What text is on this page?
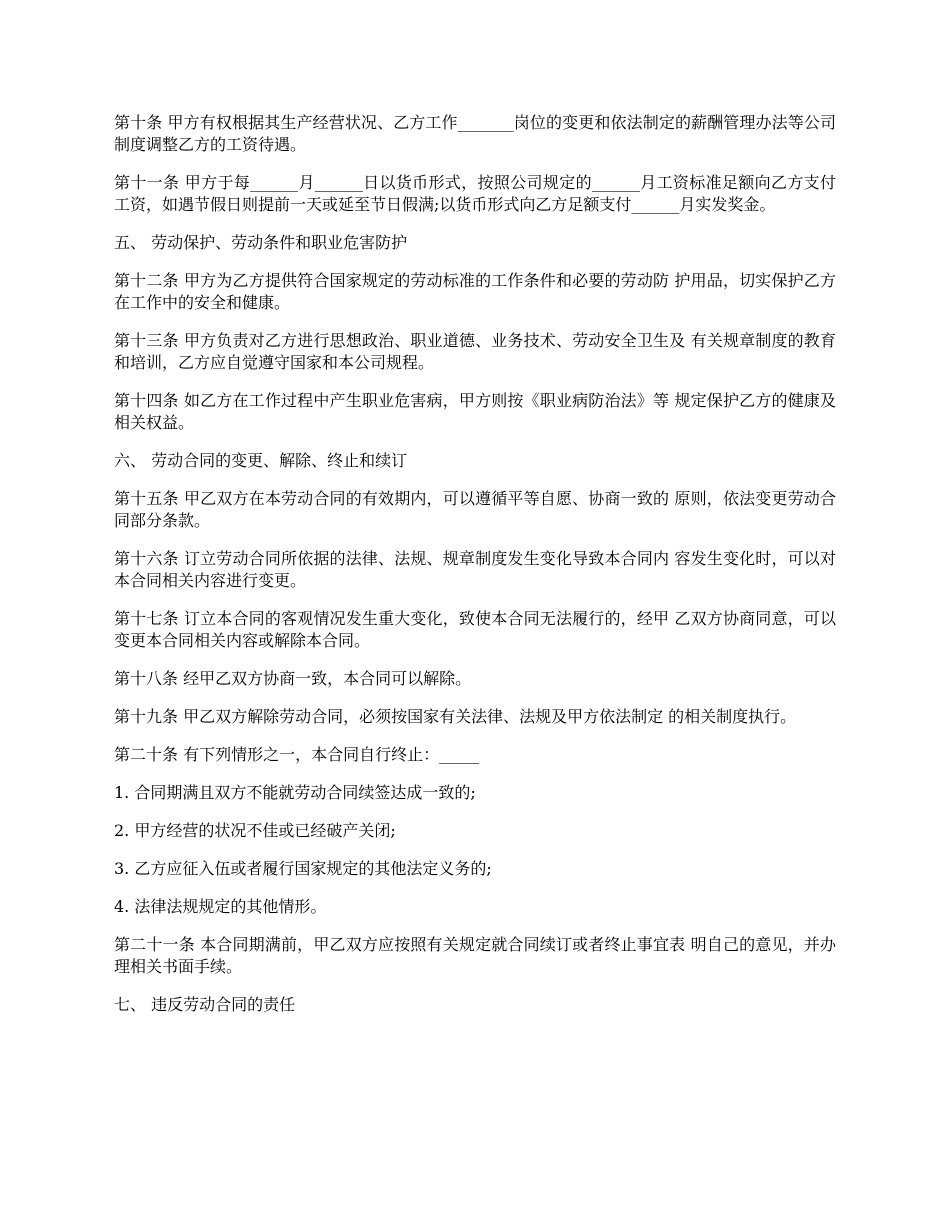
第十条 甲方有权根据其生产经营状况、乙方工作_______岗位的变更和依法制定的薪酬管理办法等公司制度调整乙方的工资待遇。

第十一条 甲方于每______月______日以货币形式，按照公司规定的______月工资标准足额向乙方支付工资，如遇节假日则提前一天或延至节日假满;以货币形式向乙方足额支付______月实发奖金。

五、 劳动保护、劳动条件和职业危害防护

第十二条 甲方为乙方提供符合国家规定的劳动标准的工作条件和必要的劳动防 护用品，切实保护乙方在工作中的安全和健康。

第十三条 甲方负责对乙方进行思想政治、职业道德、业务技术、劳动安全卫生及 有关规章制度的教育和培训，乙方应自觉遵守国家和本公司规程。

第十四条 如乙方在工作过程中产生职业危害病，甲方则按《职业病防治法》等 规定保护乙方的健康及相关权益。

六、 劳动合同的变更、解除、终止和续订

第十五条 甲乙双方在本劳动合同的有效期内，可以遵循平等自愿、协商一致的 原则，依法变更劳动合同部分条款。

第十六条 订立劳动合同所依据的法律、法规、规章制度发生变化导致本合同内 容发生变化时，可以对本合同相关内容进行变更。

第十七条 订立本合同的客观情况发生重大变化，致使本合同无法履行的，经甲 乙双方协商同意，可以变更本合同相关内容或解除本合同。

第十八条 经甲乙双方协商一致，本合同可以解除。

第十九条 甲乙双方解除劳动合同，必须按国家有关法律、法规及甲方依法制定 的相关制度执行。

第二十条 有下列情形之一，本合同自行终止：_____

1. 合同期满且双方不能就劳动合同续签达成一致的;

2. 甲方经营的状况不佳或已经破产关闭;

3. 乙方应征入伍或者履行国家规定的其他法定义务的;

4. 法律法规规定的其他情形。

第二十一条 本合同期满前，甲乙双方应按照有关规定就合同续订或者终止事宜表 明自己的意见，并办理相关书面手续。

七、 违反劳动合同的责任
